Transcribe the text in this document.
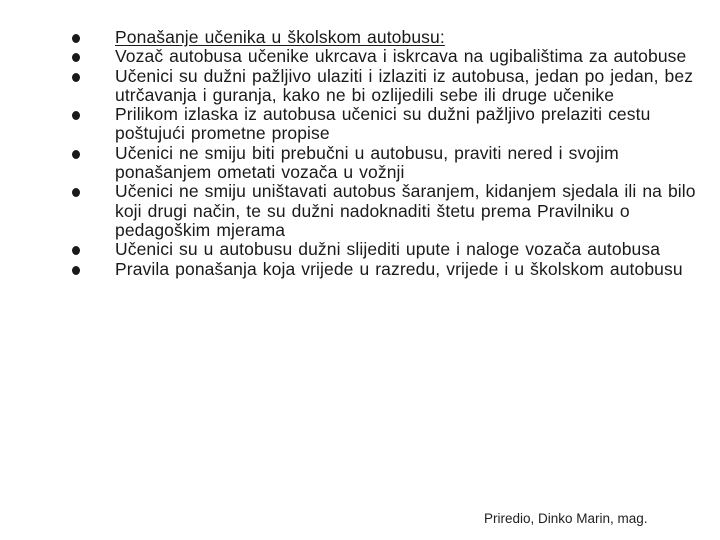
Ponašanje učenika u školskom autobusu:
Vozač autobusa učenike ukrcava i iskrcava na ugibalištima za autobuse
Učenici su dužni pažljivo ulaziti i izlaziti iz autobusa, jedan po jedan, bez utrčavanja i guranja, kako ne bi ozlijedili sebe ili druge učenike
Prilikom izlaska iz autobusa učenici su dužni pažljivo prelaziti cestu poštujući prometne propise
Učenici ne smiju biti prebučni u autobusu, praviti nered i svojim ponašanjem ometati vozača u vožnji
Učenici ne smiju uništavati autobus šaranjem, kidanjem sjedala ili na bilo koji drugi način, te su dužni nadoknaditi štetu prema Pravilniku o pedagoškim mjerama
Učenici su u autobusu dužni slijediti upute i naloge vozača autobusa
Pravila ponašanja koja vrijede u razredu, vrijede i u školskom autobusu
Priredio, Dinko Marin, mag.
